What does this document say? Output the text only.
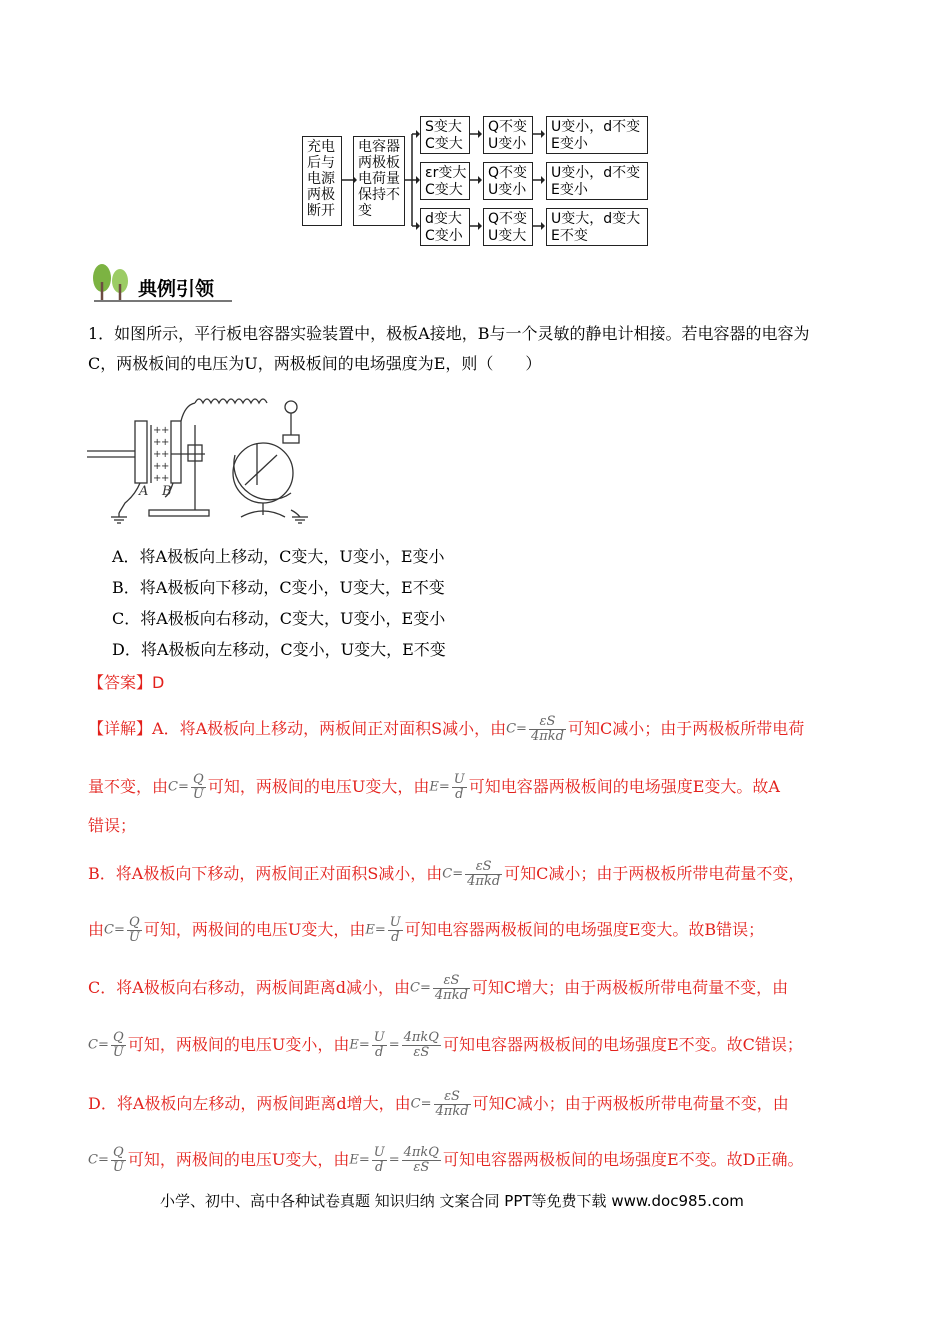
充电后与电源两极断开
电容器两极板电荷量保持不变
S变大
C变大
Q不变
U变小
U变小，d不变
E变小
εr变大
C变大
Q不变
U变小
U变小，d不变
E变小
d变大
C变小
Q不变
U变大
U变大，d变大
E不变
典例引领
1．如图所示，平行板电容器实验装置中，极板A接地，B与一个灵敏的静电计相接。若电容器的电容为
C，两极板间的电压为U，两极板间的电场强度为E，则（　　）
+ +
+ +
+ +
+ +
+ +
A B
A．将A极板向上移动，C变大，U变小，E变小
B．将A极板向下移动，C变小，U变大，E不变
C．将A极板向右移动，C变大，U变小，E变小
D．将A极板向左移动，C变小，U变大，E不变
【答案】D
【详解】A．将A极板向上移动，两板间正对面积S减小，由$C= \frac{\varepsilon S}{\text{4πkd}}$ 可知C减小；由于两极板所带电荷
量不变，由$C= \frac{Q}{U}$ 可知，两极间的电压U变大，由$E= \frac{U}{d}$ 可知电容器两极板间的电场强度E变大。故A
错误；
B．将A极板向下移动，两板间正对面积S减小，由$C= \frac{\varepsilon S}{\text{4πkd}}$ 可知C减小；由于两极板所带电荷量不变，
由$C= \frac{Q}{U}$ 可知，两极间的电压U变大，由$E= \frac{U}{d}$ 可知电容器两极板间的电场强度E变大。故B错误；
C．将A极板向右移动，两板间距离d减小，由$C= \frac{\varepsilon S}{\text{4πkd}}$ 可知C增大；由于两极板所带电荷量不变，由
$C= \frac{Q}{U}$ 可知，两极间的电压U变小，由$E= \frac{U}{d} = \frac{\text{4πkQ}}{\varepsilon S}$ 可知电容器两极板间的电场强度E不变。故C错误；
D．将A极板向左移动，两板间距离d增大，由$C= \frac{\varepsilon S}{\text{4πkd}}$ 可知C减小；由于两极板所带电荷量不变，由
$C= \frac{Q}{U}$ 可知，两极间的电压U变大，由$E= \frac{U}{d} = \frac{\text{4πkQ}}{\varepsilon S}$ 可知电容器两极板间的电场强度E不变。故D正确。
小学、初中、高中各种试卷真题 知识归纳 文案合同 PPT等免费下载 www.doc985.com
